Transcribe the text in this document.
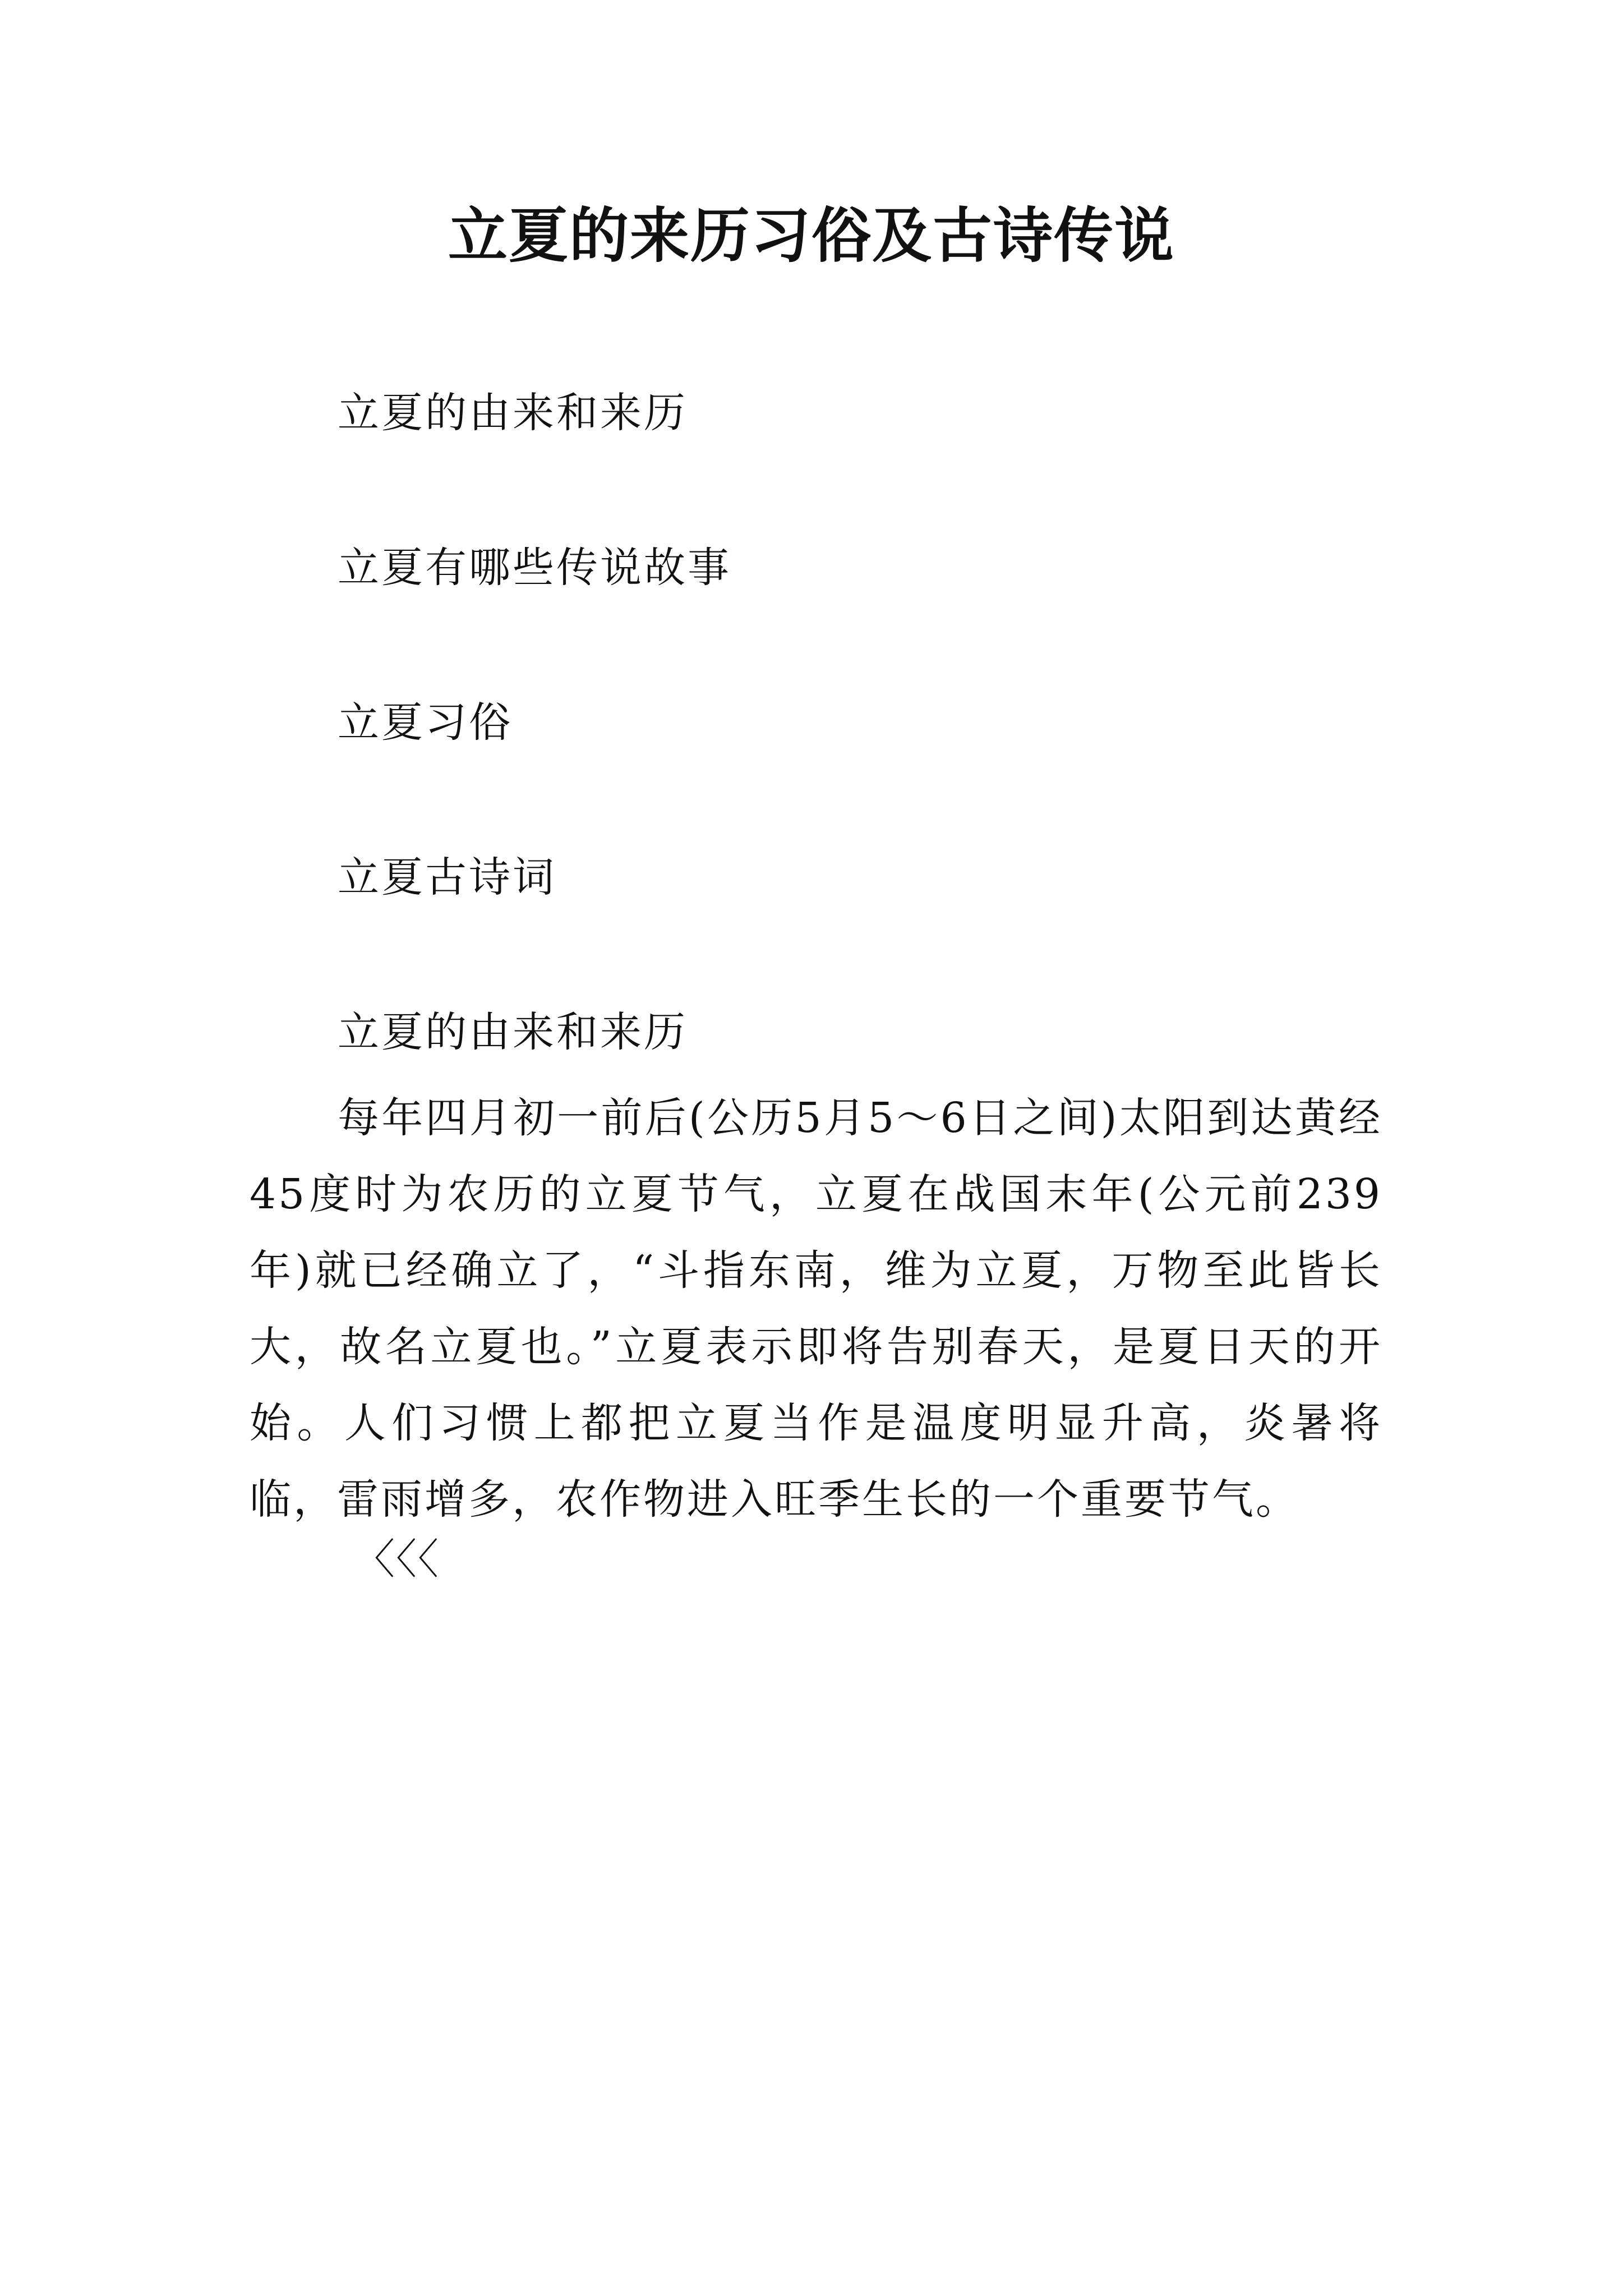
立夏的来历习俗及古诗传说
立夏的由来和来历
立夏有哪些传说故事
立夏习俗
立夏古诗词
立夏的由来和来历

每年四月初一前后(公历5月5～6日之间)太阳到达黄经45度时为农历的立夏节气，立夏在战国末年(公元前239年)就已经确立了，“斗指东南，维为立夏，万物至此皆长大，故名立夏也。”立夏表示即将告别春天，是夏日天的开始。人们习惯上都把立夏当作是温度明显升高，炎暑将临，雷雨增多，农作物进入旺季生长的一个重要节气。

〈〈〈
